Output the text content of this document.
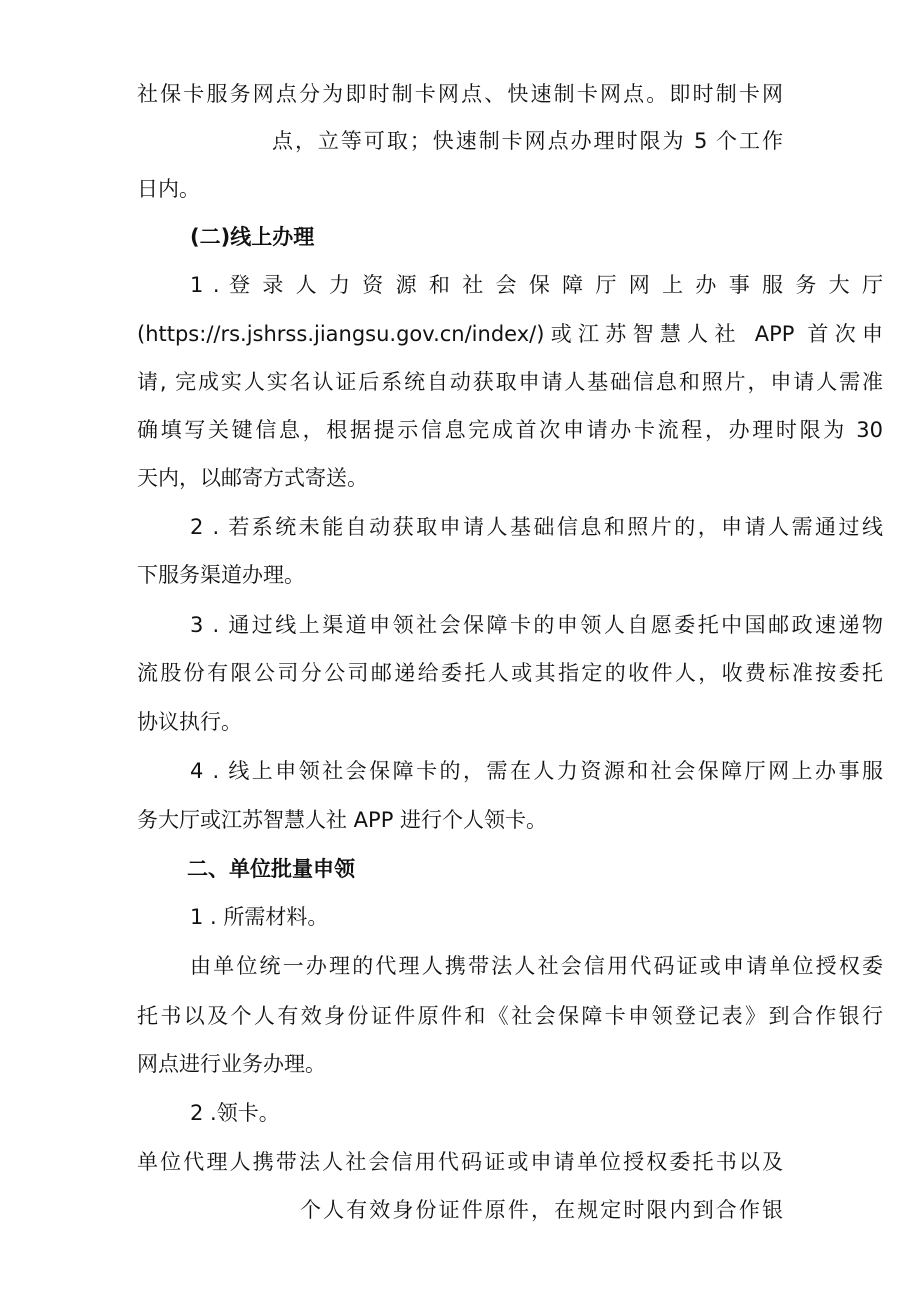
社保卡服务网点分为即时制卡网点、快速制卡网点。即时制卡网

点，立等可取；快速制卡网点办理时限为 5 个工作

日内。

(二)线上办理

1 . 登 录 人 力 资 源 和 社 会 保 障 厅 网 上 办 事 服 务 大 厅

(https://rs.jshrss.jiangsu.gov.cn/index/)或江苏智慧人社 APP 首次申

请, 完成实人实名认证后系统自动获取申请人基础信息和照片，申请人需准

确填写关键信息，根据提示信息完成首次申请办卡流程，办理时限为 30

天内，以邮寄方式寄送。

2 . 若系统未能自动获取申请人基础信息和照片的，申请人需通过线

下服务渠道办理。

3 . 通过线上渠道申领社会保障卡的申领人自愿委托中国邮政速递物

流股份有限公司分公司邮递给委托人或其指定的收件人，收费标准按委托

协议执行。

4 . 线上申领社会保障卡的，需在人力资源和社会保障厅网上办事服

务大厅或江苏智慧人社 APP 进行个人领卡。

二、单位批量申领

1 . 所需材料。

由单位统一办理的代理人携带法人社会信用代码证或申请单位授权委

托书以及个人有效身份证件原件和《社会保障卡申领登记表》到合作银行

网点进行业务办理。

2 .领卡。

单位代理人携带法人社会信用代码证或申请单位授权委托书以及

个人有效身份证件原件，在规定时限内到合作银
